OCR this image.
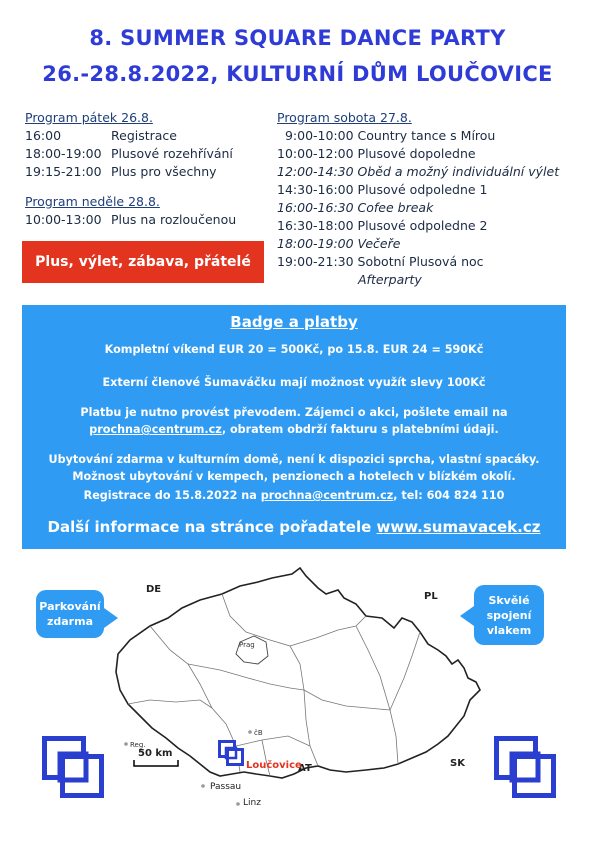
8. SUMMER SQUARE DANCE PARTY
26.-28.8.2022, KULTURNÍ DŮM LOUČOVICE
Program pátek 26.8.
16:00	Registrace
18:00-19:00 Plusové rozehřívání
19:15-21:00 Plus pro všechny
Program neděle 28.8.
10:00-13:00 Plus na rozloučenou
Program sobota 27.8.
9:00-10:00 Country tance s Mírou
10:00-12:00 Plusové dopoledne
12:00-14:30 Oběd a možný individuální výlet
14:30-16:00 Plusové odpoledne 1
16:00-16:30 Cofee break
16:30-18:00 Plusové odpoledne 2
18:00-19:00 Večeře
19:00-21:30 Sobotní Plusová noc
Afterparty
Plus, výlet, zábava, přátelé
Badge a platby
Kompletní víkend EUR 20 = 500Kč, po 15.8. EUR 24 = 590Kč
Externí členové Šumaváčku mají možnost využít slevy 100Kč
Platbu je nutno provést převodem. Zájemci o akci, pošlete email na
prochna@centrum.cz, obratem obdrží fakturu s platebními údaji.
Ubytování zdarma v kulturním domě, není k dispozici sprcha, vlastní spacáky.
Možnost ubytování v kempech, penzionech a hotelech v blízkém okolí.
Registrace do 15.8.2022 na prochna@centrum.cz, tel: 604 824 110
Další informace na stránce pořadatele www.sumavacek.cz
DE
PL
AT	SK
Prag
čB
Reg.
Loučovice
Passau
Linz
50 km
Parkování
zdarma
Skvělé
spojení
vlakem
